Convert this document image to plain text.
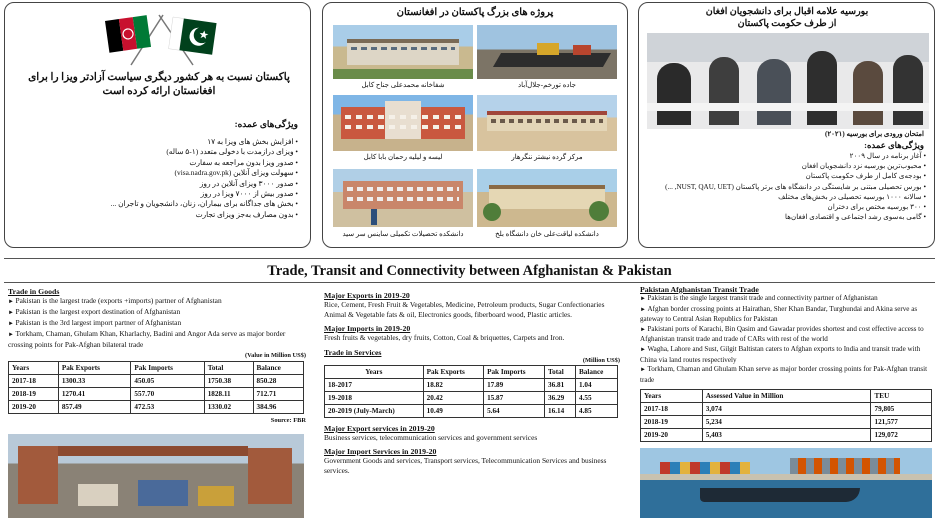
پاکستان نسبت به هر کشور دیگری سیاست آزادتر ویزا را برای افغانستان ارائه کرده است
ویژگی‌های عمده:
• افزایش بخش های ویزا به ۱۷
• ویزای درازمدت با دخولی متعدد (۱-۵ ساله)
• صدور ویزا بدون مراجعه به سفارت
• سهولت ویزای آنلاین (visa.nadra.gov.pk)
• صدور ۳۰۰۰ ویزای آنلاین در روز
• صدور بیش از ۷۰۰۰ ویزا در روز
• بخش های جداگانه برای بیماران، زنان، دانشجویان و تاجران ...
• بدون مصارف به‌جز ویزای تجارت
پروژه های بزرگ پاکستان در افغانستان
جاده تورخم-جلال‌آباد
شفاخانه محمدعلی جناح کابل
مرکز گرده نیشتر ننگرهار
لیسه و لیلیه رحمان بابا کابل
دانشکده لیاقت‌علی خان دانشگاه بلخ
دانشکده تحصیلات تکمیلی ساینس سر سید
بورسیه علامه اقبال برای دانشجویان افغان
از طرف حکومت پاکستان
امتحان ورودی برای بورسیه (۲۰۲۱)
ویژگی‌های عمده:
• آغاز برنامه در سال ۲۰۰۹
• محبوب‌ترین بورسیه نزد دانشجویان افغان
• بودجه‌ی کامل از طرف حکومت پاکستان
• بورس تحصیلی مبتنی بر شایستگی در دانشگاه های برتر پاکستان (NUST, QAU, UET, ...)
• سالانه ۱۰۰۰ بورسیه تحصیلی در بخش‌های مختلف
• ۳۰۰ بورسیه مختص برای دختران
• گامی به‌سوی رشد اجتماعی و اقتصادی افغان‌ها
Trade, Transit and Connectivity between Afghanistan & Pakistan
Trade in Goods
► Pakistan is the largest trade (exports +imports) partner of Afghanistan
► Pakistan is the largest export destination of Afghanistan
► Pakistan is the 3rd largest import partner of Afghanistan
► Torkham, Chaman, Ghulam Khan, Kharlachy, Badini and Angor Ada serve as major border crossing points for Pak-Afghan bilateral trade
(Value in Million US$)
Years	Pak Exports	Pak Imports	Total	Balance
2017-18	1300.33	450.05	1750.38	850.28
2018-19	1270.41	557.70	1828.11	712.71
2019-20	857.49	472.53	1330.02	384.96
Source: FBR
Major Exports in 2019-20
Rice, Cement, Fresh Fruit & Vegetables, Medicine, Petroleum products, Sugar Confectionaries Animal & Vegetable fats & oil, Electronics goods, fiberboard wood, Plastic articles.
Major Imports in 2019-20
Fresh fruits & vegetables, dry fruits, Cotton, Coal & briquettes, Carpets and Iron.
Trade in Services
(Million US$)
Years	Pak Exports	Pak Imports	Total	Balance
18-2017	18.82	17.89	36.81	1.04
19-2018	20.42	15.87	36.29	4.55
20-2019 (July-March)	10.49	5.64	16.14	4.85
Major Export services in 2019-20
Business services, telecommunication services and government services
Major Import Services in 2019-20
Government Goods and services, Transport services, Telecommunication Services and business services.
Pakistan Afghanistan Transit Trade
► Pakistan is the single largest transit trade and connectivity partner of Afghanistan
► Afghan border crossing points at Hairathan, Sher Khan Bandar, Turghundai and Akina serve as gateway to Central Asian Republics for Pakistan
► Pakistani ports of Karachi, Bin Qasim and Gawadar provides shortest and cost effective access to Afghanistan transit trade and trade of CARs with rest of the world
► Wagha, Lahore and Sust, Gilgit Baltistan caters to Afghan exports to India and transit trade with China via land routes respectively
► Torkham, Chaman and Ghulam Khan serve as major border crossing points for Pak-Afghan transit trade
Years	Assessed Value in Million	TEU
2017-18	3,074	79,805
2018-19	5,234	121,577
2019-20	5,403	129,072
